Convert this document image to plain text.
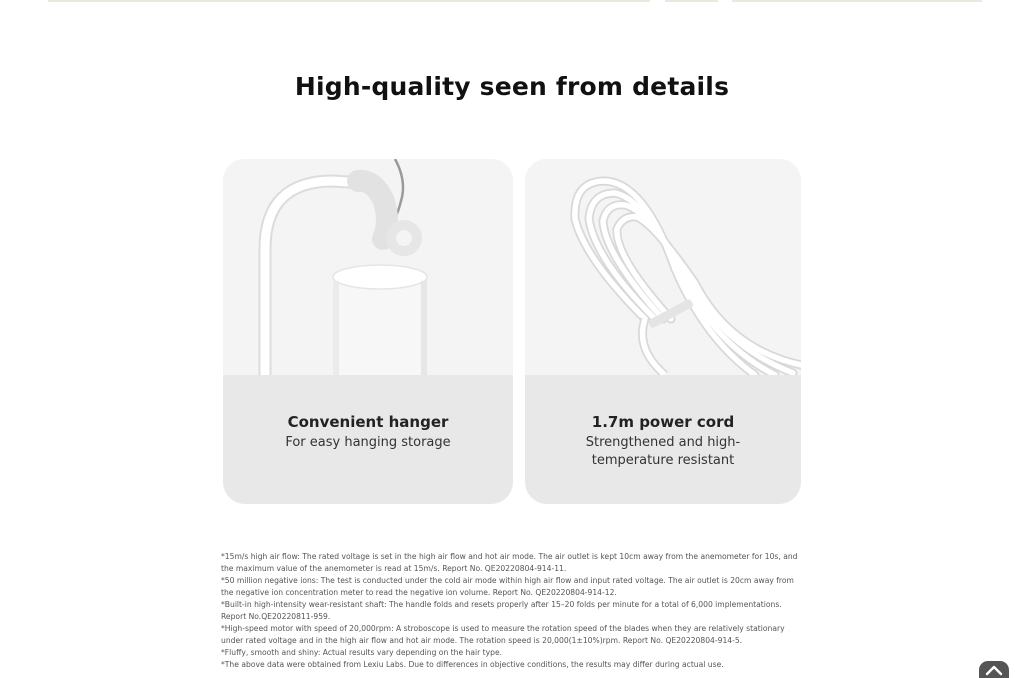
High-quality seen from details
Convenient hanger
For easy hanging storage
1.7m power cord
Strengthened and high-temperature resistant

*15m/s high air flow: The rated voltage is set in the high air flow and hot air mode. The air outlet is kept 10cm away from the anemometer for 10s, and the maximum value of the anemometer is read at 15m/s. Report No. QE20220804-914-11.

*50 million negative ions: The test is conducted under the cold air mode within high air flow and input rated voltage. The air outlet is 20cm away from the negative ion concentration meter to read the negative ion volume. Report No. QE20220804-914-12.

*Built-in high-intensity wear-resistant shaft: The handle folds and resets properly after 15–20 folds per minute for a total of 6,000 implementations. Report No.QE20220811-959.

*High-speed motor with speed of 20,000rpm: A stroboscope is used to measure the rotation speed of the blades when they are relatively stationary under rated voltage and in the high air flow and hot air mode. The rotation speed is 20,000(1±10%)rpm. Report No. QE20220804-914-5.

*Fluffy, smooth and shiny: Actual results vary depending on the hair type.

*The above data were obtained from Lexiu Labs. Due to differences in objective conditions, the results may differ during actual use.
